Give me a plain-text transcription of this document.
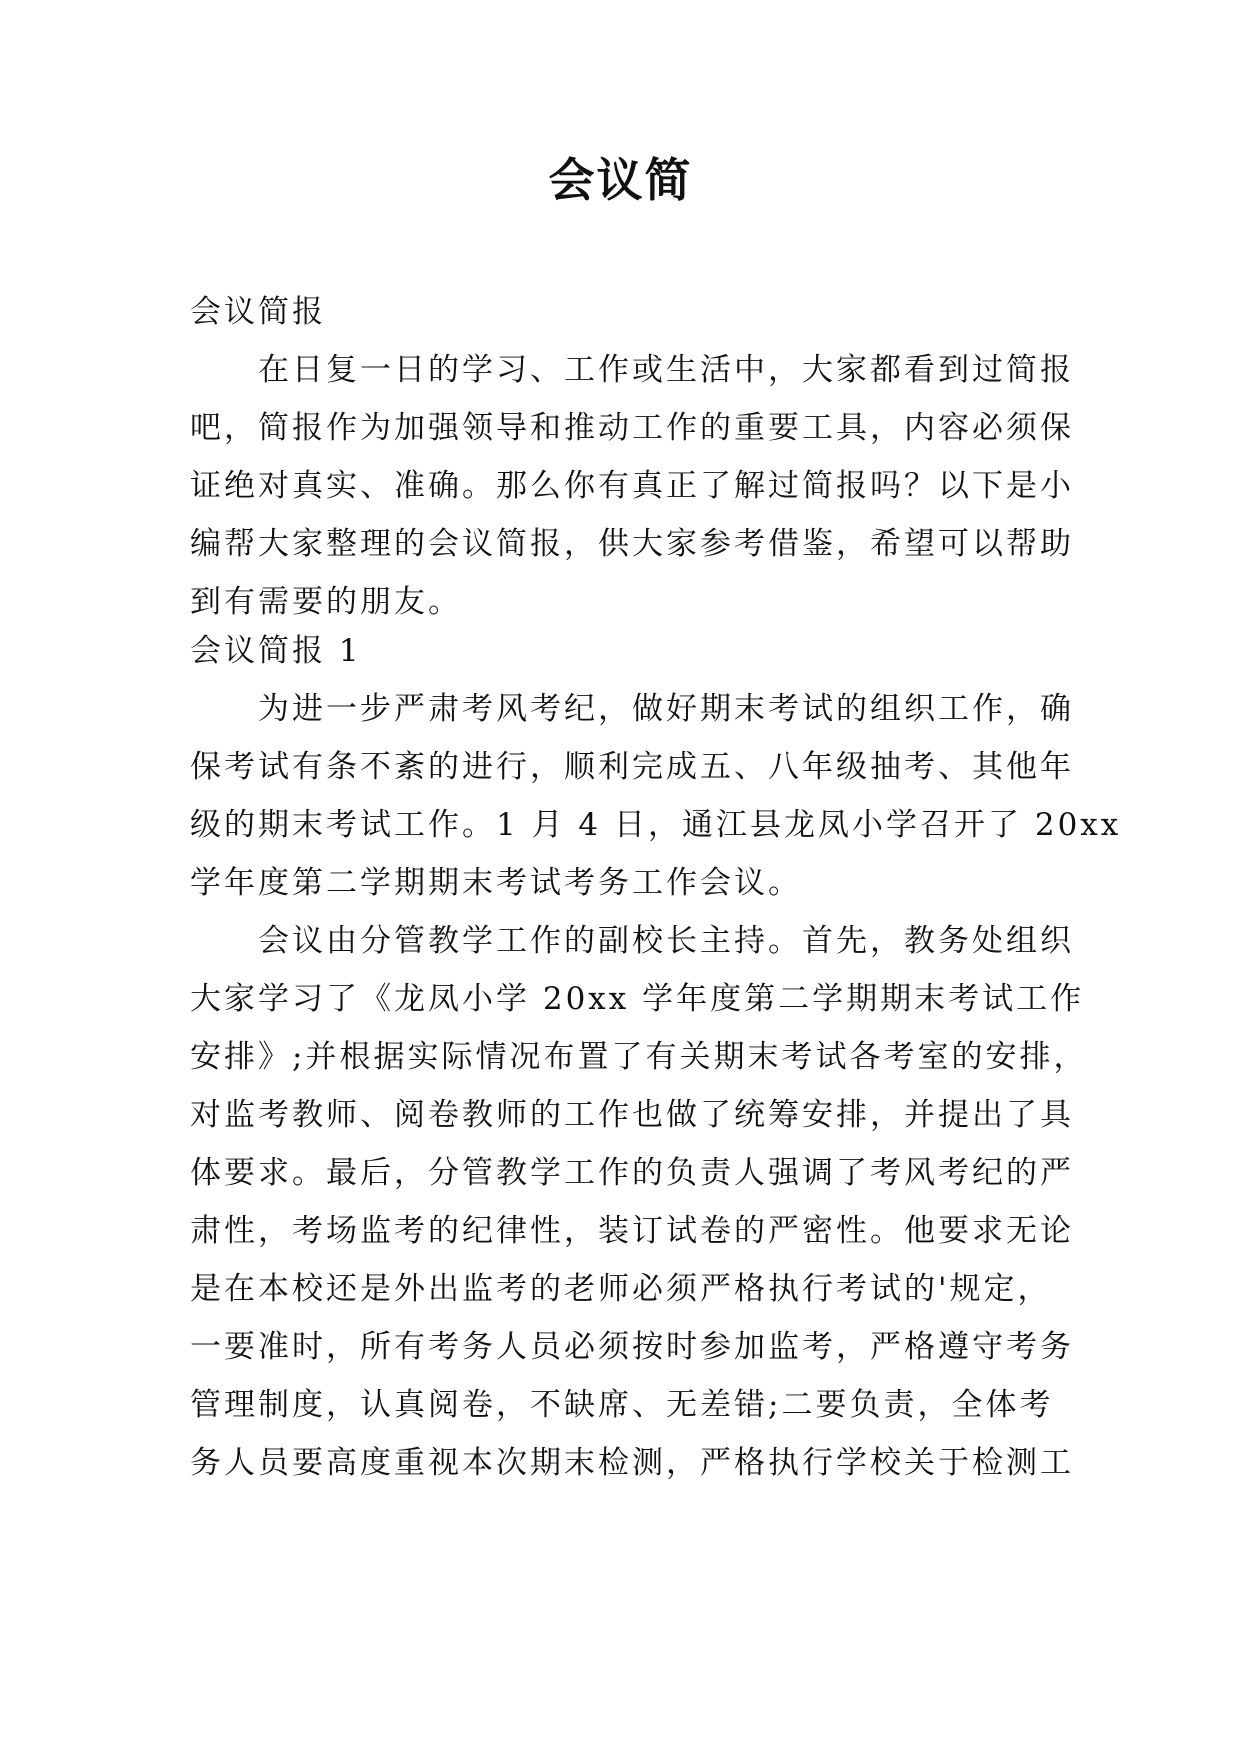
会议简
会议简报
在日复一日的学习、工作或生活中，大家都看到过简报
吧，简报作为加强领导和推动工作的重要工具，内容必须保
证绝对真实、准确。那么你有真正了解过简报吗？以下是小
编帮大家整理的会议简报，供大家参考借鉴，希望可以帮助
到有需要的朋友。
会议简报 1
为进一步严肃考风考纪，做好期末考试的组织工作，确
保考试有条不紊的进行，顺利完成五、八年级抽考、其他年
级的期末考试工作。1 月 4 日，通江县龙凤小学召开了 20xx
学年度第二学期期末考试考务工作会议。
会议由分管教学工作的副校长主持。首先，教务处组织
大家学习了《龙凤小学 20xx 学年度第二学期期末考试工作
安排》;并根据实际情况布置了有关期末考试各考室的安排，
对监考教师、阅卷教师的工作也做了统筹安排，并提出了具
体要求。最后，分管教学工作的负责人强调了考风考纪的严
肃性，考场监考的纪律性，装订试卷的严密性。他要求无论
是在本校还是外出监考的老师必须严格执行考试的'规定，
一要准时，所有考务人员必须按时参加监考，严格遵守考务
管理制度，认真阅卷，不缺席、无差错;二要负责，全体考
务人员要高度重视本次期末检测，严格执行学校关于检测工
